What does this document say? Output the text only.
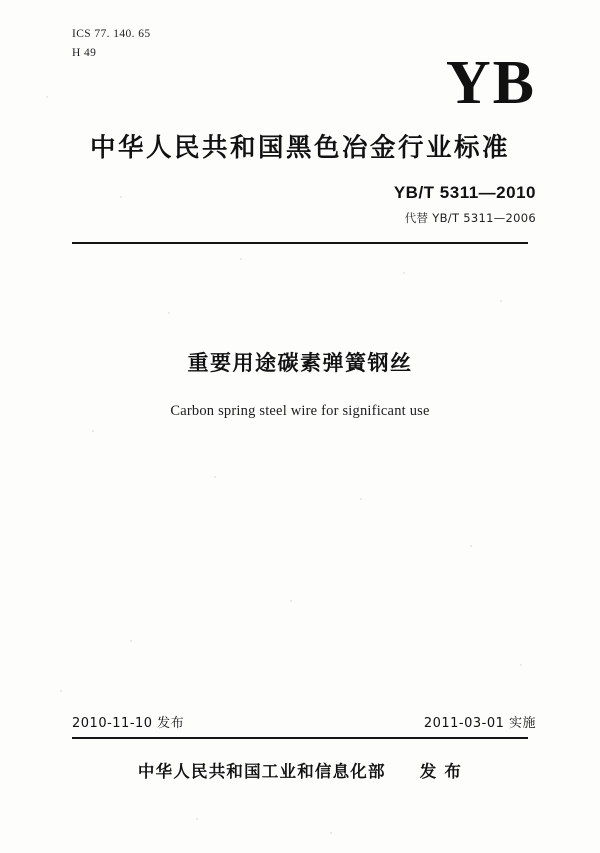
ICS 77. 140. 65
H 49	YB
中华人民共和国黑色冶金行业标准
YB/T 5311—2010
代替 YB/T 5311—2006
重要用途碳素弹簧钢丝
Carbon spring steel wire for significant use
2010-11-10 发布	2011-03-01 实施
中华人民共和国工业和信息化部 发 布
